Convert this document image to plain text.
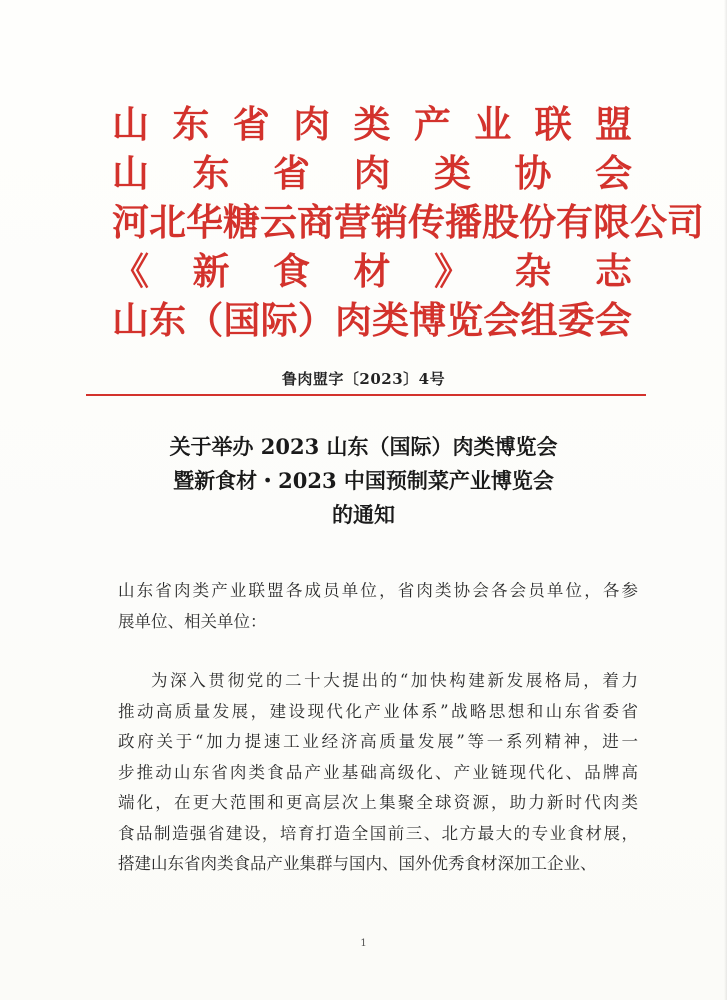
山 东 省 肉 类 产 业 联 盟
山 东 省 肉 类 协 会
河 北 华 糖 云 商 营 销 传 播 股 份 有 限 公 司
《 新 食 材 》 杂 志
山 东 （ 国 际 ） 肉 类 博 览 会 组 委 会
鲁肉盟字〔2023〕4号
关于举办 2023 山东（国际）肉类博览会
暨新食材・2023 中国预制菜产业博览会
的通知
山东省肉类产业联盟各成员单位，省肉类协会各会员单位，各参
展单位、相关单位：
为深入贯彻党的二十大提出的“加快构建新发展格局，着力
推动高质量发展，建设现代化产业体系”战略思想和山东省委省
政府关于“加力提速工业经济高质量发展”等一系列精神，进一
步推动山东省肉类食品产业基础高级化、产业链现代化、品牌高
端化，在更大范围和更高层次上集聚全球资源，助力新时代肉类
食品制造强省建设，培育打造全国前三、北方最大的专业食材展，
搭建山东省肉类食品产业集群与国内、国外优秀食材深加工企业、
1
